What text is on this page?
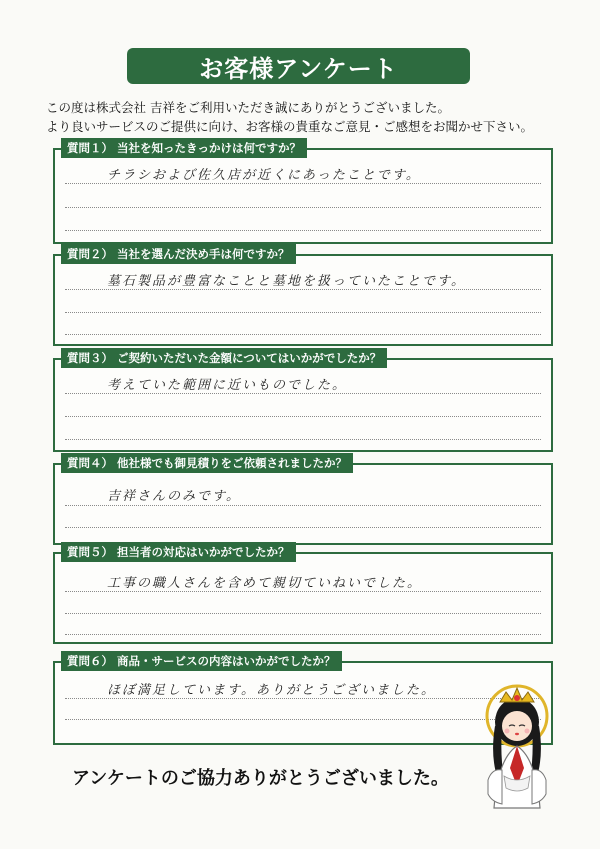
お客様アンケート
この度は株式会社 吉祥をご利用いただき誠にありがとうございました。
より良いサービスのご提供に向け、お客様の貴重なご意見・ご感想をお聞かせ下さい。
質問１） 当社を知ったきっかけは何ですか？
チラシおよび佐久店が近くにあったことです。
質問２） 当社を選んだ決め手は何ですか？
墓石製品が豊富なことと墓地を扱っていたことです。
質問３） ご契約いただいた金額についてはいかがでしたか？
考えていた範囲に近いものでした。
質問４） 他社様でも御見積りをご依頼されましたか？
吉祥さんのみです。
質問５） 担当者の対応はいかがでしたか？
工事の職人さんを含めて親切ていねいでした。
質問６） 商品・サービスの内容はいかがでしたか？
ほぼ満足しています。ありがとうございました。
アンケートのご協力ありがとうございました。
